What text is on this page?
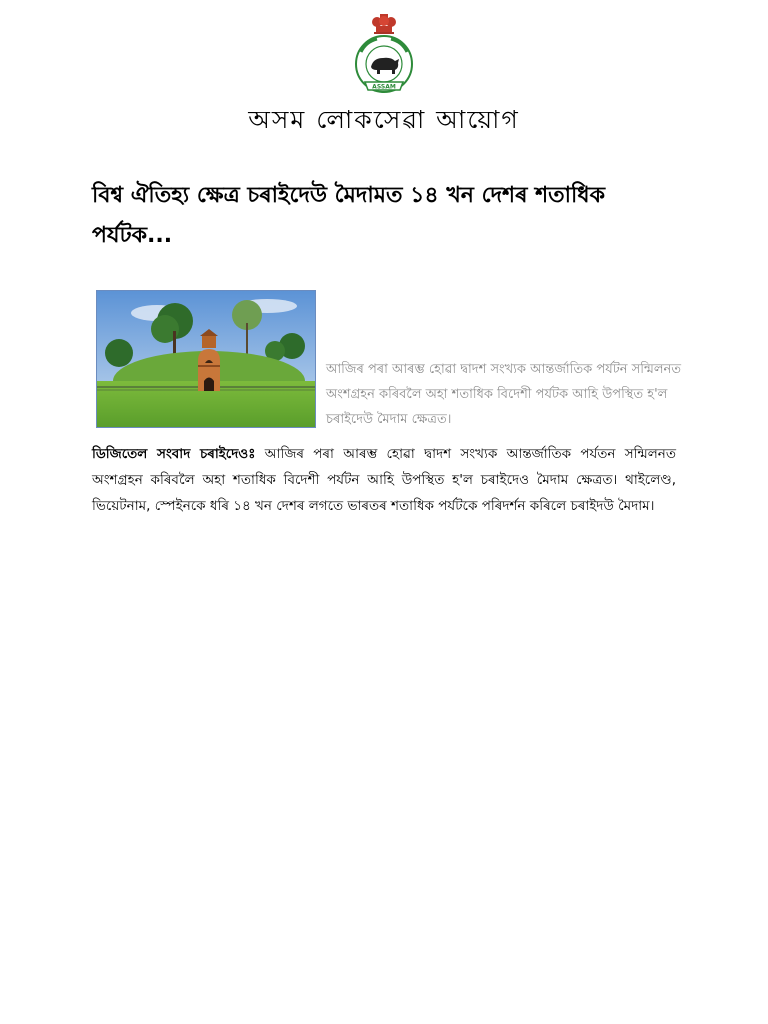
ASSAM
অসম লোকসেৱা আয়োগ
বিশ্ব ঐতিহ্য ক্ষেত্ৰ চৰাইদেউ মৈদামত ১৪ খন দেশৰ শতাধিক পৰ্যটক...
আজিৰ পৰা আৰম্ভ হোৱা দ্বাদশ সংখ্যক আন্তৰ্জাতিক পৰ্যটন সন্মিলনত অংশগ্ৰহন কৰিবলৈ অহা শতাধিক বিদেশী পৰ্যটক আহি উপস্থিত হ'ল চৰাইদেউ মৈদাম ক্ষেত্ৰত।
ডিজিতেল সংবাদ চৰাইদেওঃ আজিৰ পৰা আৰম্ভ হোৱা দ্বাদশ সংখ্যক আন্তৰ্জাতিক পৰ্যতন সন্মিলনত অংশগ্ৰহন কৰিবলৈ অহা শতাধিক বিদেশী পৰ্যটন আহি উপস্থিত হ'ল চৰাইদেও মৈদাম ক্ষেত্ৰত। থাইলেণ্ড, ভিয়েটনাম, স্পেইনকে ধৰি ১৪ খন দেশৰ লগতে ভাৰতৰ শতাধিক পৰ্যটকে পৰিদৰ্শন কৰিলে চৰাইদউ মৈদাম।
